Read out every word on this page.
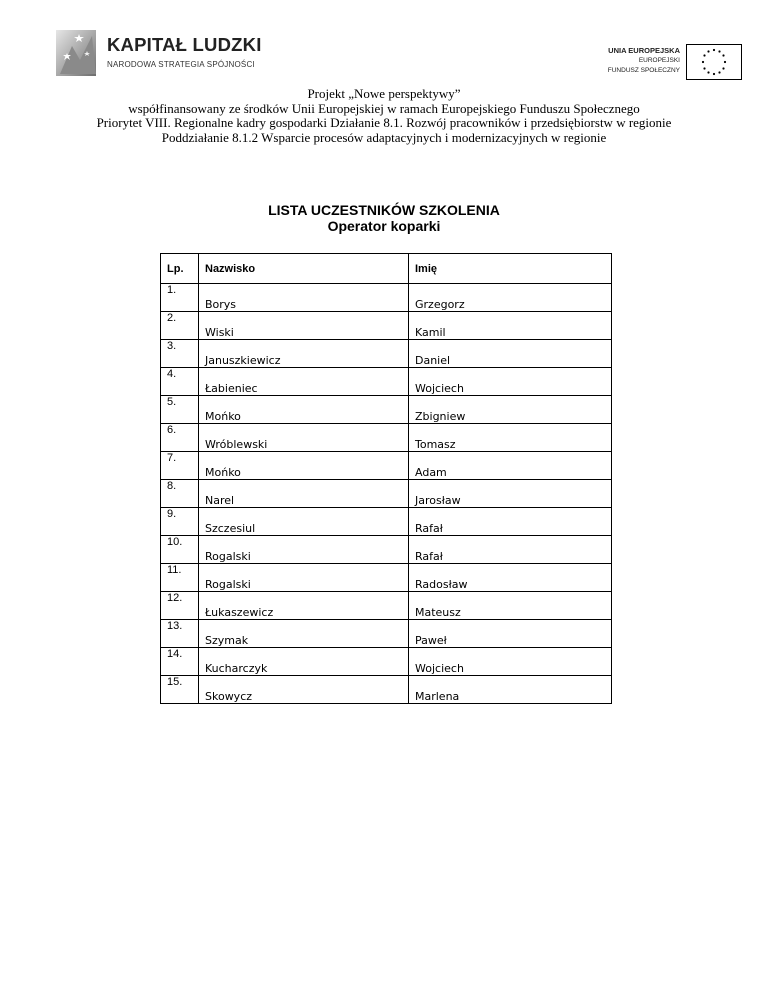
KAPITAŁ LUDZKI
NARODOWA STRATEGIA SPÓJNOŚCI
UNIA EUROPEJSKA
EUROPEJSKI
FUNDUSZ SPOŁECZNY
Projekt „Nowe perspektywy”
współfinansowany ze środków Unii Europejskiej w ramach Europejskiego Funduszu Społecznego
Priorytet VIII. Regionalne kadry gospodarki Działanie 8.1. Rozwój pracowników i przedsiębiorstw w regionie
Poddziałanie 8.1.2 Wsparcie procesów adaptacyjnych i modernizacyjnych w regionie
LISTA UCZESTNIKÓW SZKOLENIA
Operator koparki
Lp.	Nazwisko	Imię
1.	Borys	Grzegorz
2.	Wiski	Kamil
3.	Januszkiewicz	Daniel
4.	Łabieniec	Wojciech
5.	Mońko	Zbigniew
6.	Wróblewski	Tomasz
7.	Mońko	Adam
8.	Narel	Jarosław
9.	Szczesiul	Rafał
10.	Rogalski	Rafał
11.	Rogalski	Radosław
12.	Łukaszewicz	Mateusz
13.	Szymak	Paweł
14.	Kucharczyk	Wojciech
15.	Skowycz	Marlena
